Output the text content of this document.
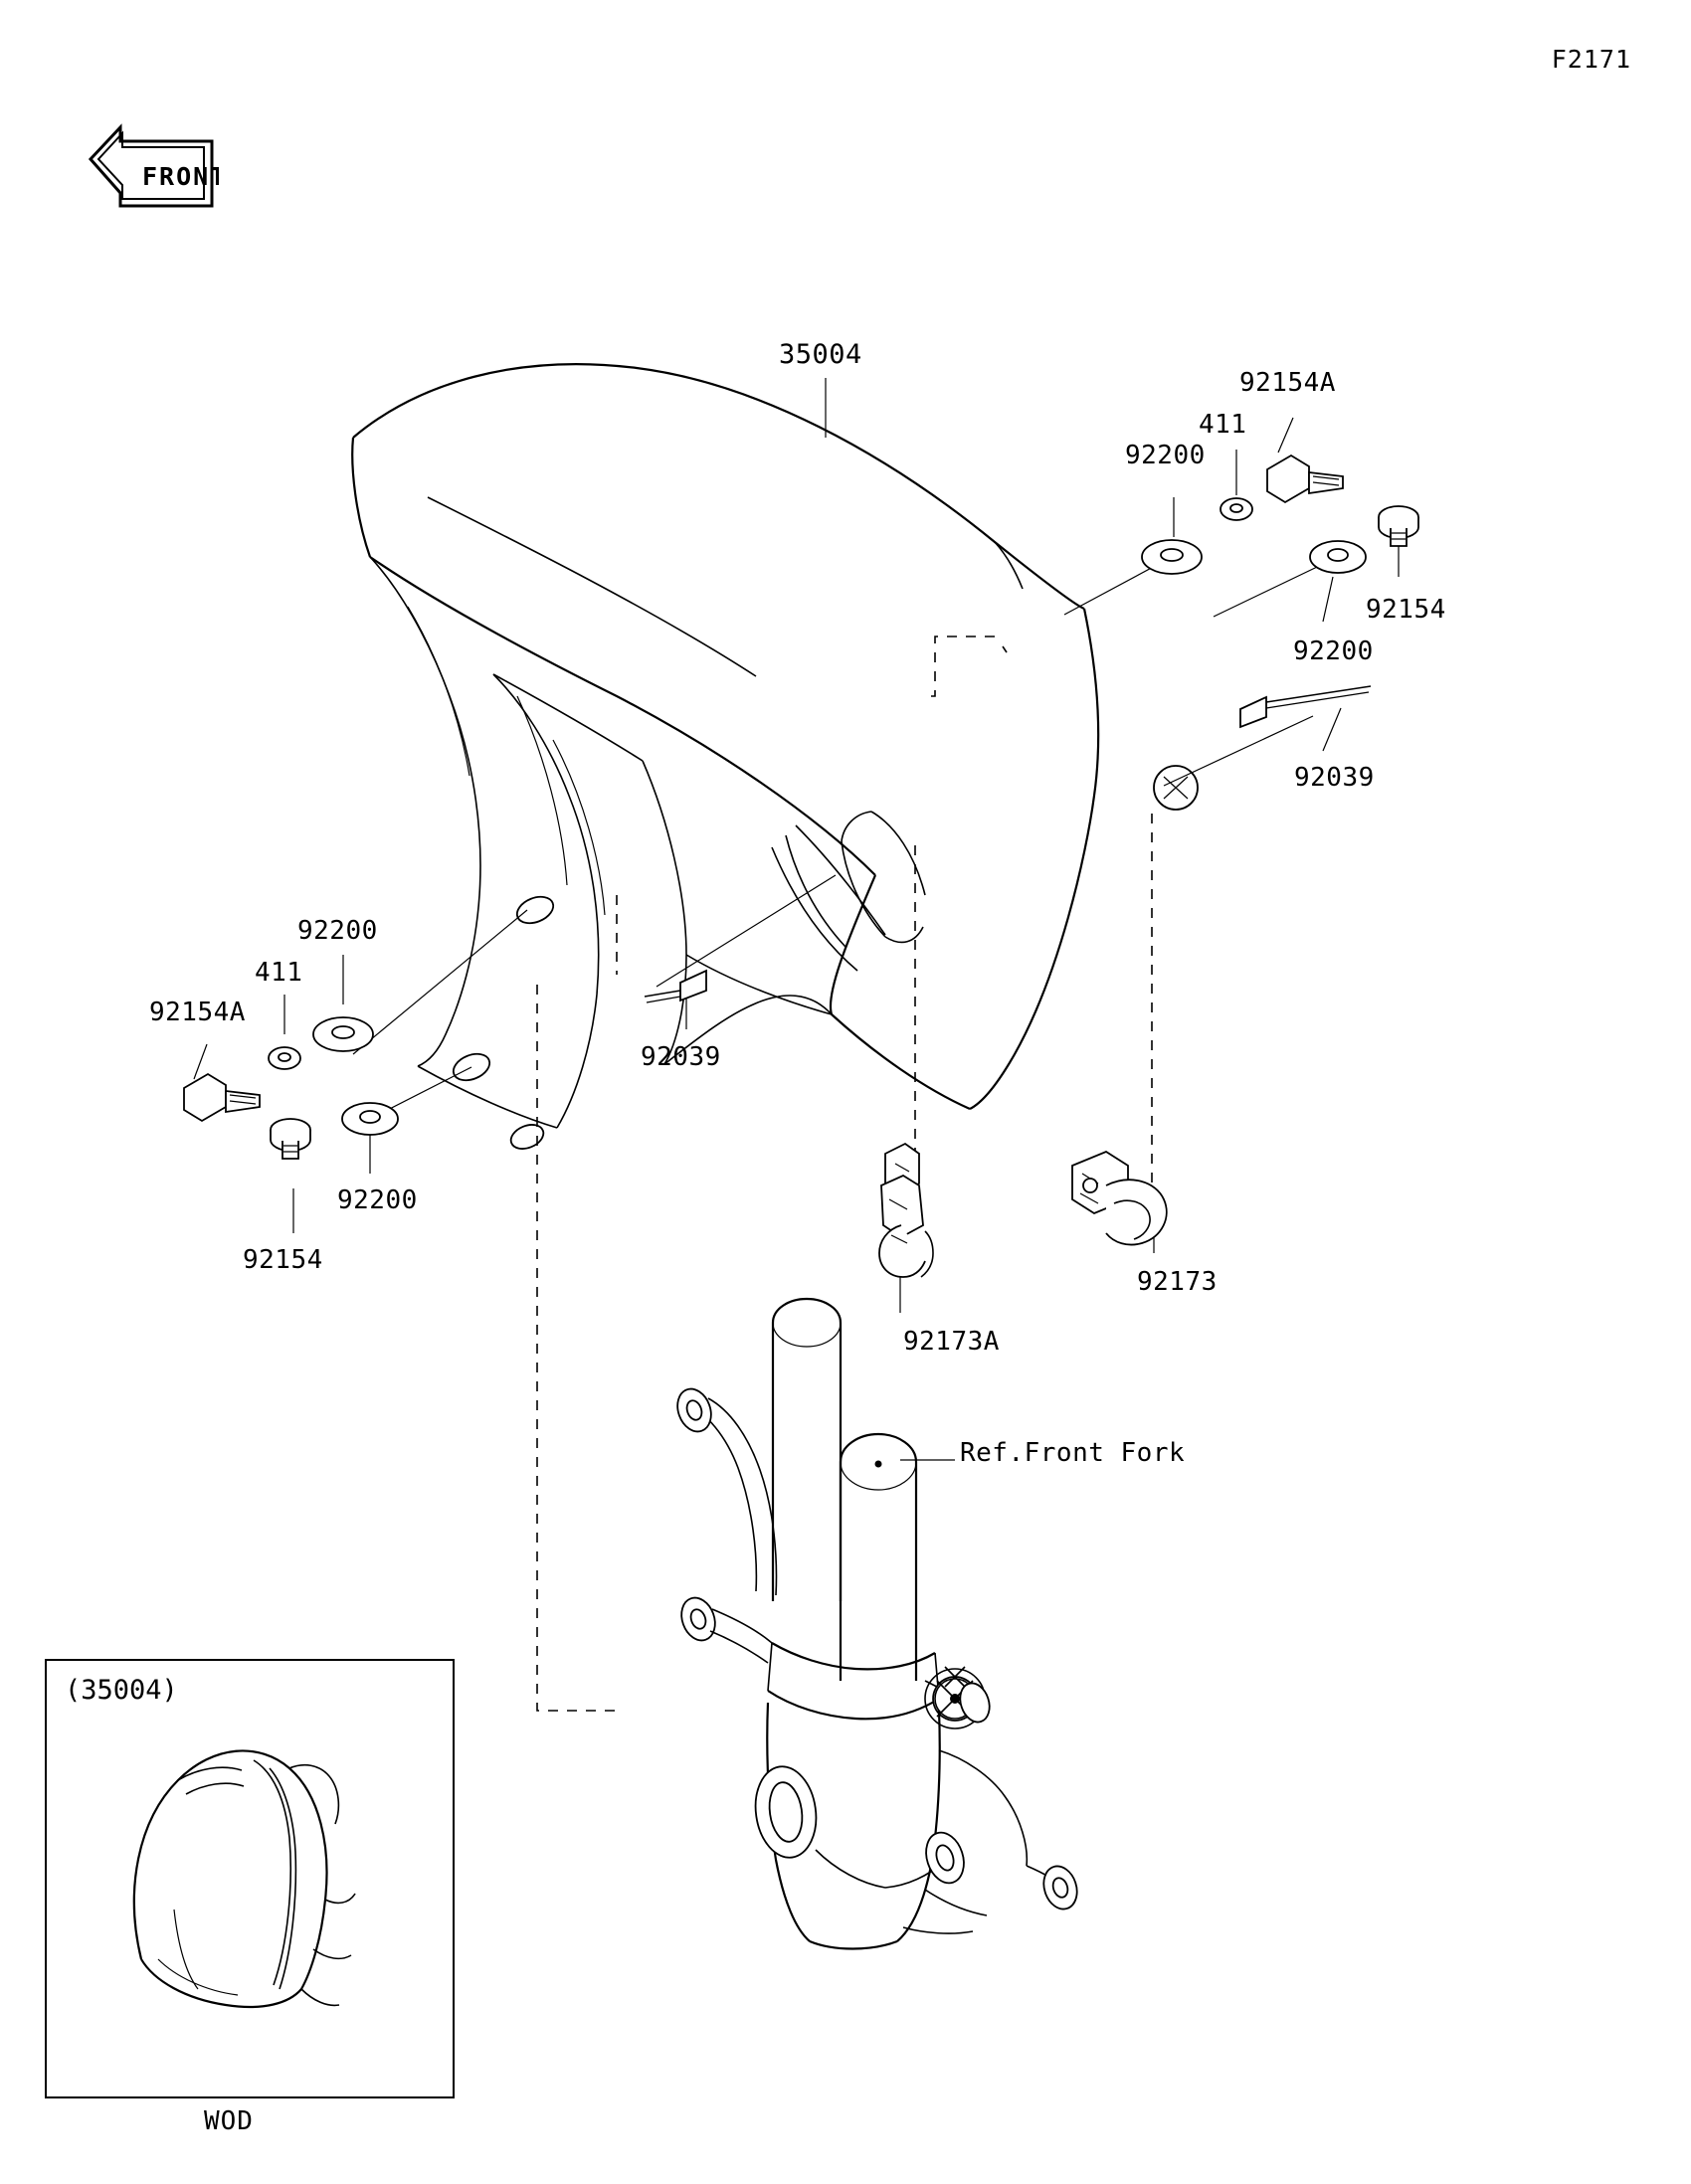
F2171
FRONT
35004
92200
411
92154A
92154
92200
92039
92200
411
92154A
92039
92200
92154
92173A
92173
Ref.Front Fork
(35004)
WOD
